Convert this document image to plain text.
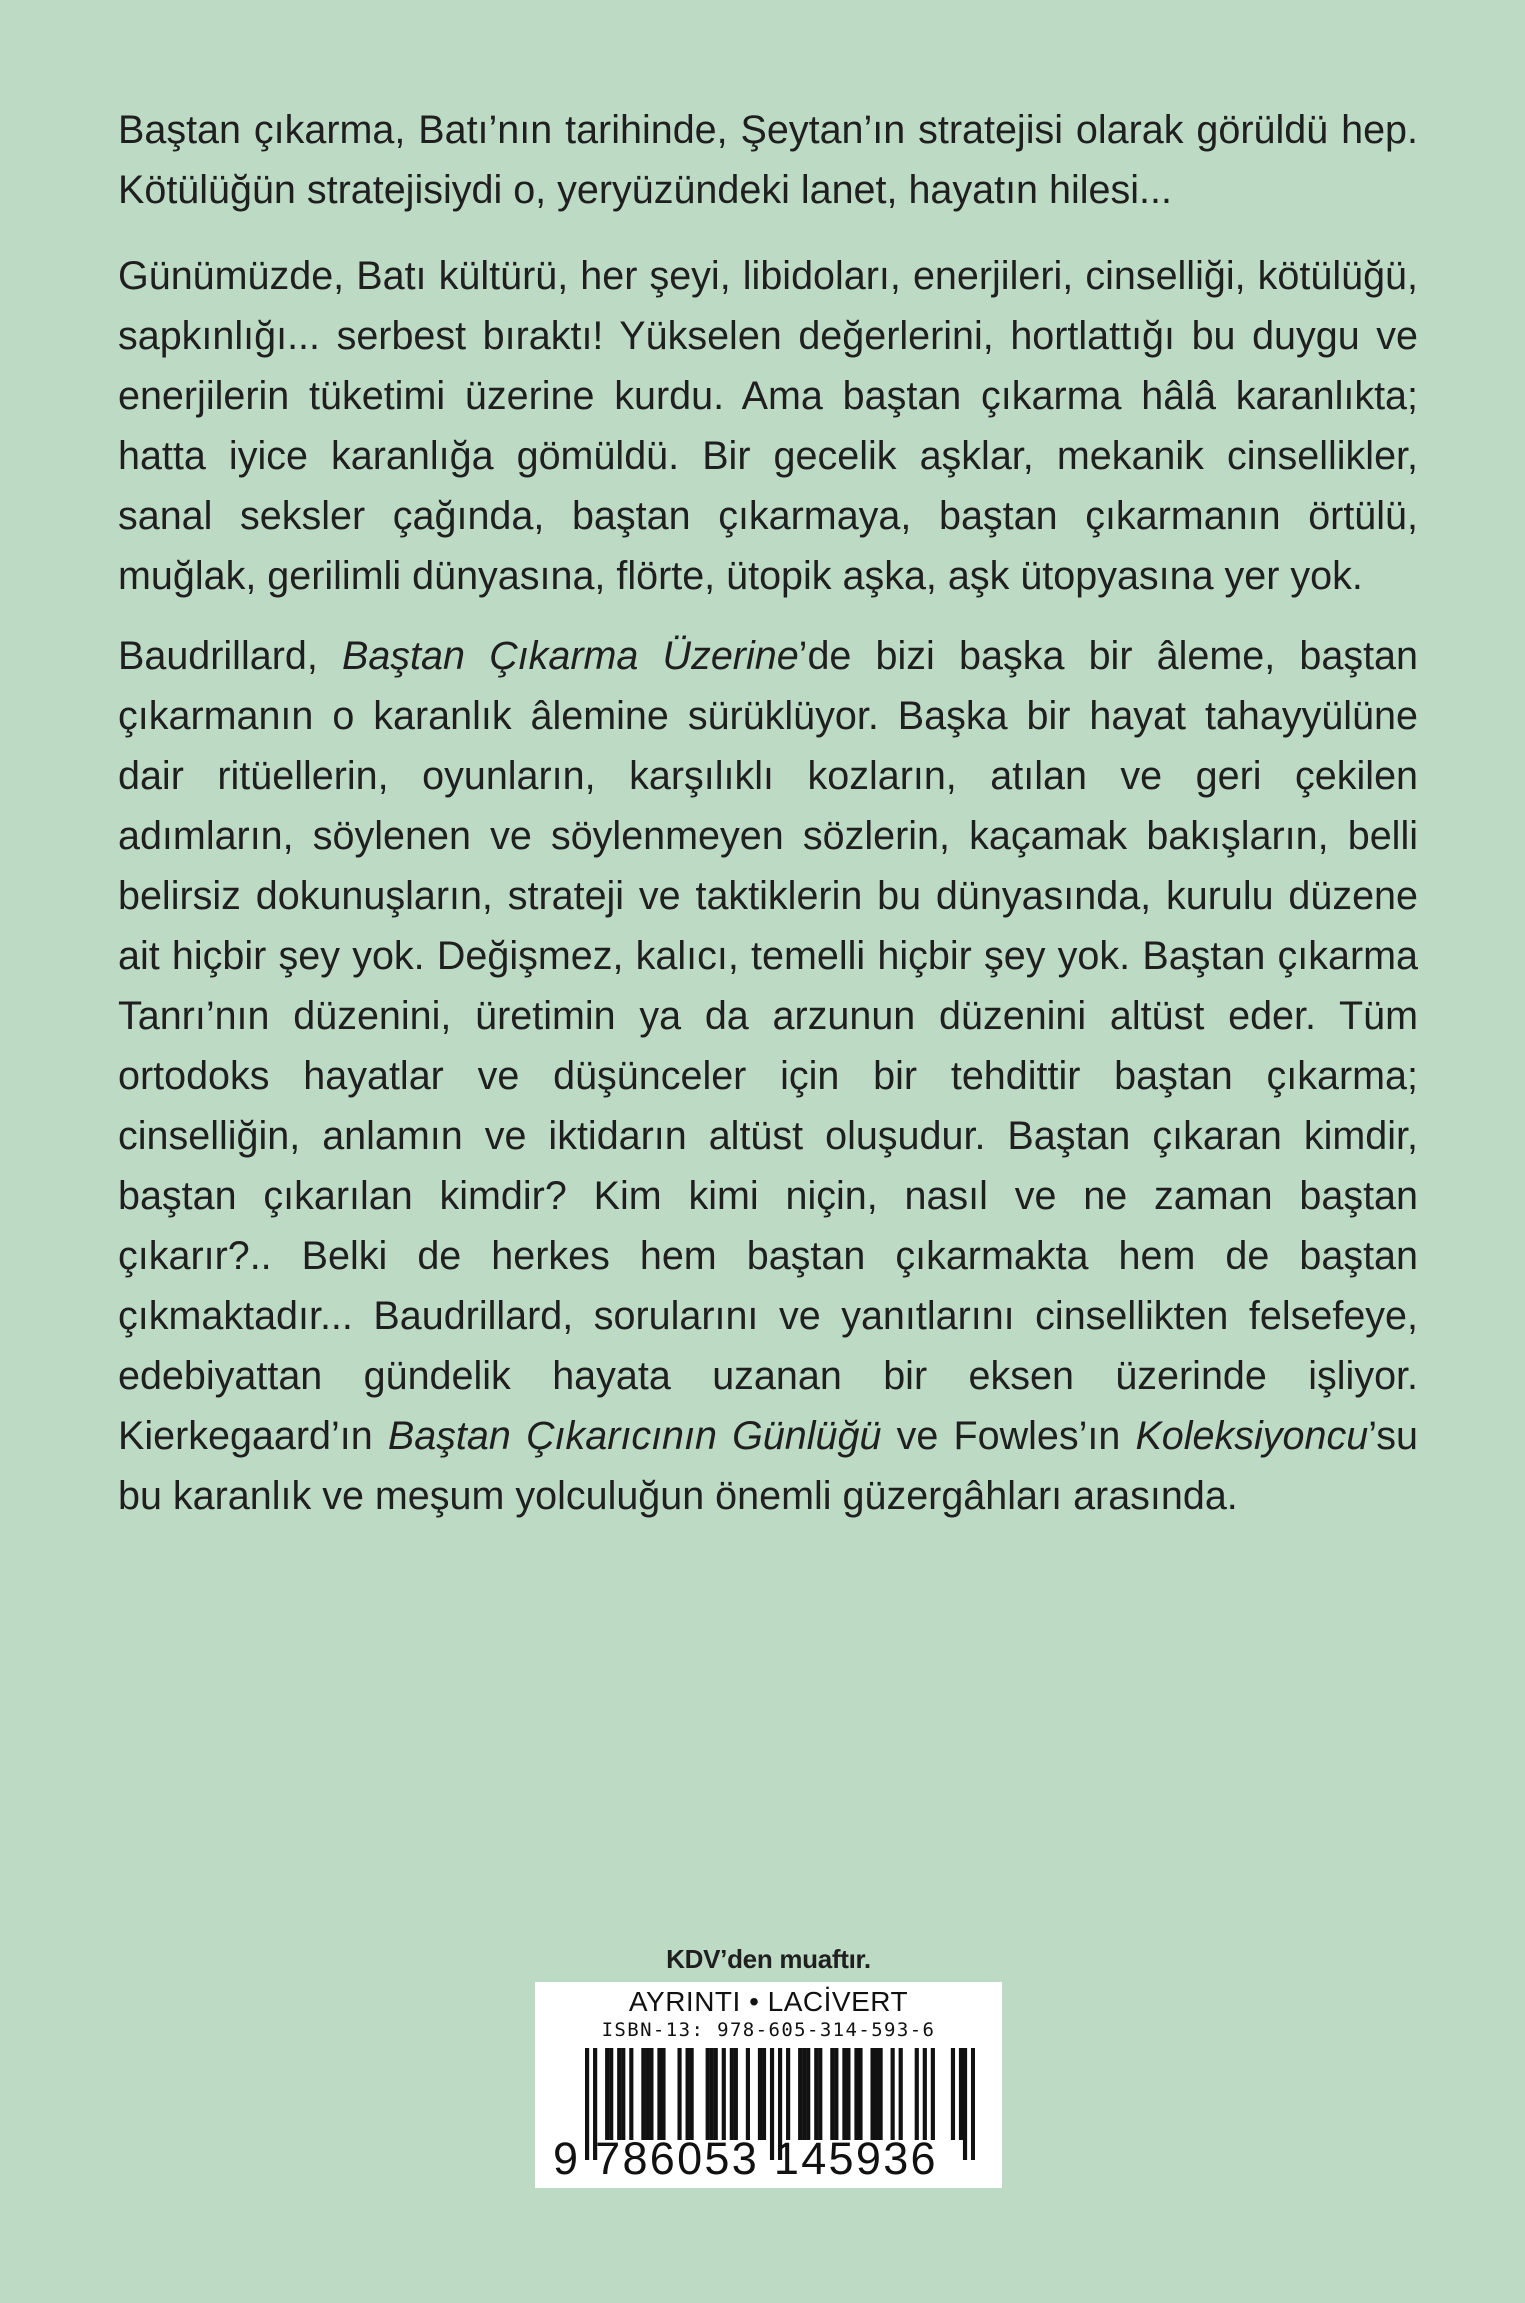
Baştan çıkarma, Batı’nın tarihinde, Şeytan’ın stratejisi olarak görüldü hep. Kötülüğün stratejisiydi o, yeryüzündeki lanet, hayatın hilesi...

Günümüzde, Batı kültürü, her şeyi, libidoları, enerjileri, cinselliği, kötülüğü, sapkınlığı... serbest bıraktı! Yükselen değerlerini, hortlattığı bu duygu ve enerjilerin tüketimi üzerine kurdu. Ama baştan çıkarma hâlâ karanlıkta; hatta iyice karanlığa gömüldü. Bir gecelik aşklar, mekanik cinsellikler, sanal seksler çağında, baştan çıkarmaya, baştan çıkarmanın örtülü, muğlak, gerilimli dünyasına, flörte, ütopik aşka, aşk ütopyasına yer yok.

Baudrillard, Baştan Çıkarma Üzerine’de bizi başka bir âleme, baştan çıkarmanın o karanlık âlemine sürüklüyor. Başka bir hayat tahayyülüne dair ritüellerin, oyunların, karşılıklı kozların, atılan ve geri çekilen adımların, söylenen ve söylenmeyen sözlerin, kaçamak bakışların, belli belirsiz dokunuşların, strateji ve taktiklerin bu dünyasında, kurulu düzene ait hiçbir şey yok. Değişmez, kalıcı, temelli hiçbir şey yok. Baştan çıkarma Tanrı’nın düzenini, üretimin ya da arzunun düzenini altüst eder. Tüm ortodoks hayatlar ve düşünceler için bir tehdittir baştan çıkarma; cinselliğin, anlamın ve iktidarın altüst oluşudur. Baştan çıkaran kimdir, baştan çıkarılan kimdir? Kim kimi niçin, nasıl ve ne zaman baştan çıkarır?.. Belki de herkes hem baştan çıkarmakta hem de baştan çıkmaktadır... Baudrillard, sorularını ve yanıtlarını cinsellikten felsefeye, edebiyattan gündelik hayata uzanan bir eksen üzerinde işliyor. Kierkegaard’ın Baştan Çıkarıcının Günlüğü ve Fowles’ın Koleksiyoncu’su bu karanlık ve meşum yolculuğun önemli güzergâhları arasında.

KDV’den muaftır.
AYRINTI • LACİVERT
ISBN-13: 978-605-314-593-6
9 786053 145936
